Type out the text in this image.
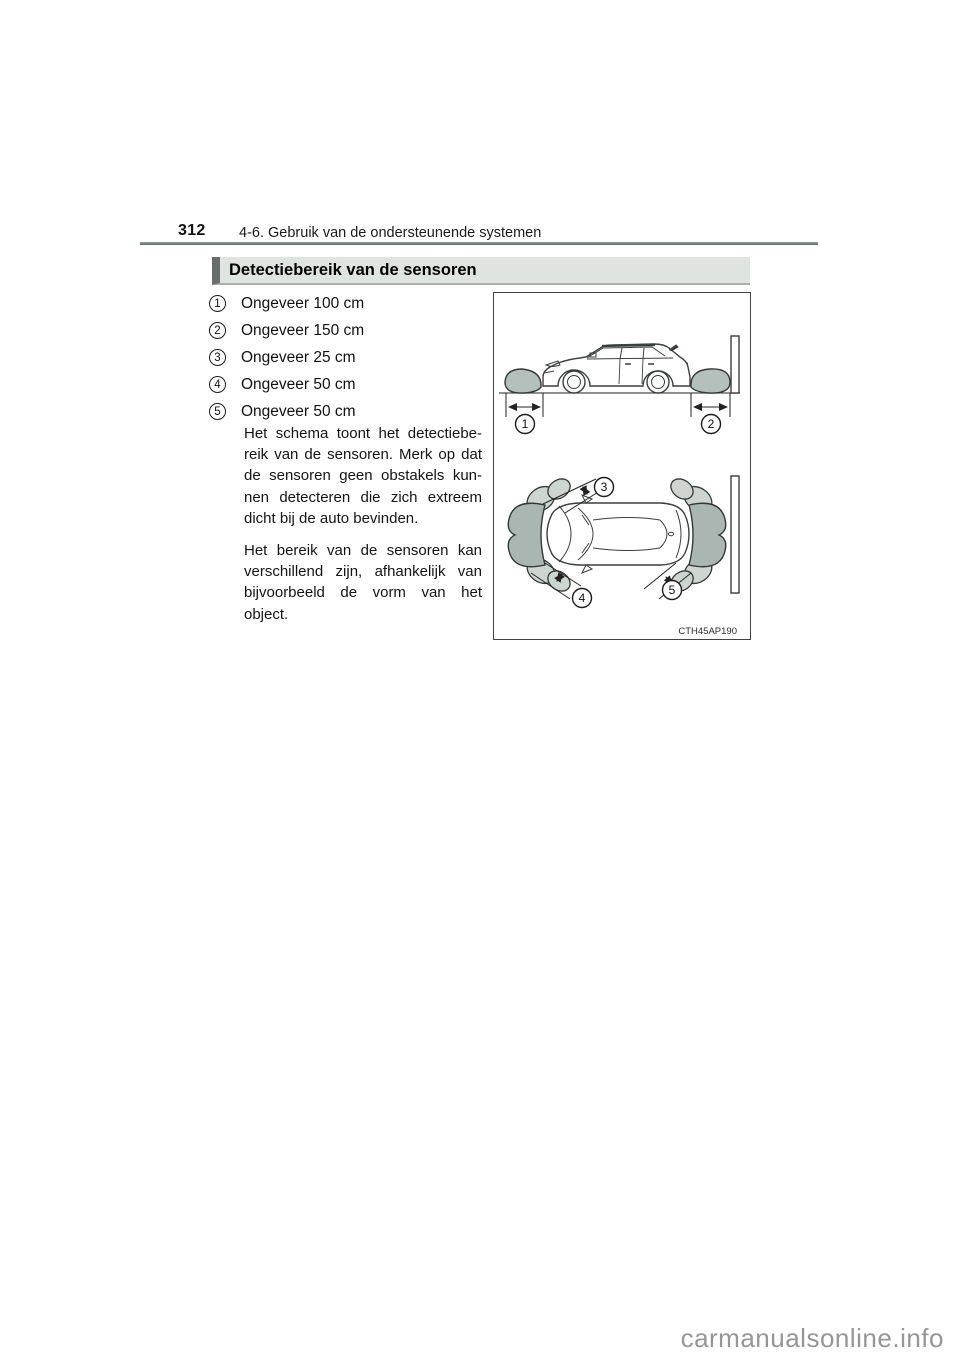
312 4-6. Gebruik van de ondersteunende systemen
Detectiebereik van de sensoren
1	Ongeveer 100 cm
2	Ongeveer 150 cm
3	Ongeveer 25 cm
4	Ongeveer 50 cm
5	Ongeveer 50 cm
Het schema toont het detectiebe-
reik van de sensoren. Merk op dat
de sensoren geen obstakels kun-
nen detecteren die zich extreem
dicht bij de auto bevinden.
Het bereik van de sensoren kan
verschillend zijn, afhankelijk van
bijvoorbeeld de vorm van het
object.
1	2
3
4
5
CTH45AP190
carmanualsonline.info
